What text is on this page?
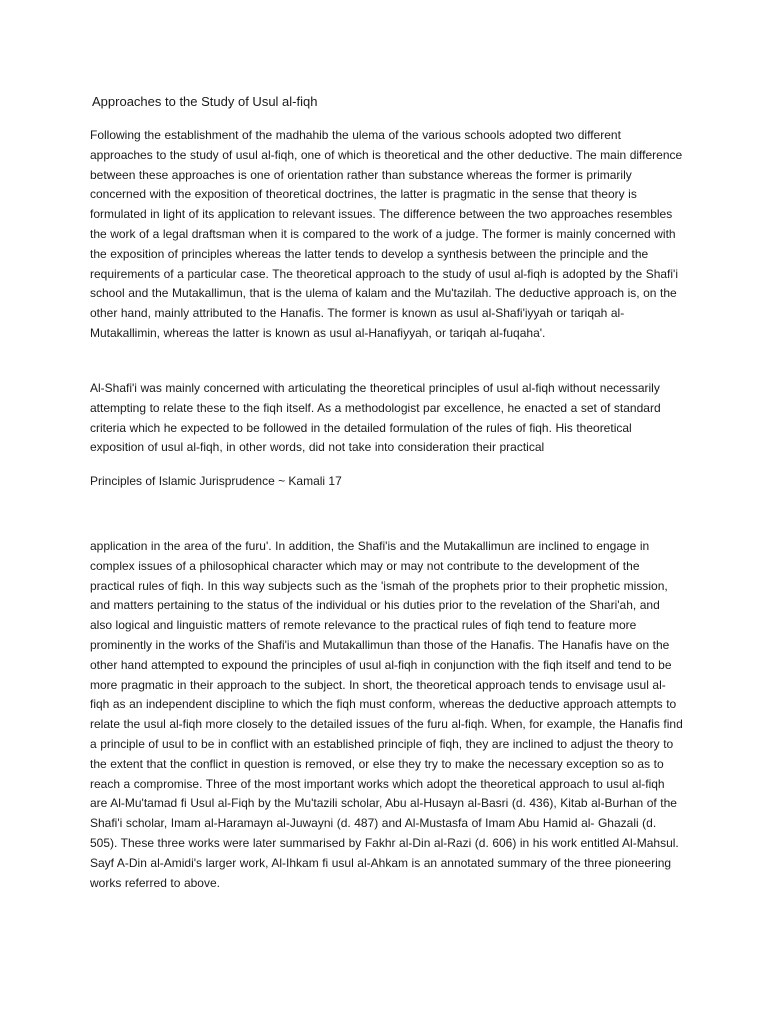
Approaches to the Study of Usul al-fiqh

Following the establishment of the madhahib the ulema of the various schools adopted two different approaches to the study of usul al-fiqh, one of which is theoretical and the other deductive. The main difference between these approaches is one of orientation rather than substance whereas the former is primarily concerned with the exposition of theoretical doctrines, the latter is pragmatic in the sense that theory is formulated in light of its application to relevant issues. The difference between the two approaches resembles the work of a legal draftsman when it is compared to the work of a judge. The former is mainly concerned with the exposition of principles whereas the latter tends to develop a synthesis between the principle and the requirements of a particular case. The theoretical approach to the study of usul al-fiqh is adopted by the Shafi'i school and the Mutakallimun, that is the ulema of kalam and the Mu'tazilah. The deductive approach is, on the other hand, mainly attributed to the Hanafis. The former is known as usul al-Shafi'iyyah or tariqah al-Mutakallimin, whereas the latter is known as usul al-Hanafiyyah, or tariqah al-fuqaha'.

Al-Shafi'i was mainly concerned with articulating the theoretical principles of usul al-fiqh without necessarily attempting to relate these to the fiqh itself. As a methodologist par excellence, he enacted a set of standard criteria which he expected to be followed in the detailed formulation of the rules of fiqh. His theoretical exposition of usul al-fiqh, in other words, did not take into consideration their practical

Principles of Islamic Jurisprudence ~ Kamali 17

application in the area of the furu'. In addition, the Shafi'is and the Mutakallimun are inclined to engage in complex issues of a philosophical character which may or may not contribute to the development of the practical rules of fiqh. In this way subjects such as the 'ismah of the prophets prior to their prophetic mission, and matters pertaining to the status of the individual or his duties prior to the revelation of the Shari'ah, and also logical and linguistic matters of remote relevance to the practical rules of fiqh tend to feature more prominently in the works of the Shafi'is and Mutakallimun than those of the Hanafis. The Hanafis have on the other hand attempted to expound the principles of usul al-fiqh in conjunction with the fiqh itself and tend to be more pragmatic in their approach to the subject. In short, the theoretical approach tends to envisage usul al-fiqh as an independent discipline to which the fiqh must conform, whereas the deductive approach attempts to relate the usul al-fiqh more closely to the detailed issues of the furu al-fiqh. When, for example, the Hanafis find a principle of usul to be in conflict with an established principle of fiqh, they are inclined to adjust the theory to the extent that the conflict in question is removed, or else they try to make the necessary exception so as to reach a compromise. Three of the most important works which adopt the theoretical approach to usul al-fiqh are Al-Mu'tamad fi Usul al-Fiqh by the Mu'tazili scholar, Abu al-Husayn al-Basri (d. 436), Kitab al-Burhan of the Shafi'i scholar, Imam al-Haramayn al-Juwayni (d. 487) and Al-Mustasfa of Imam Abu Hamid al- Ghazali (d. 505). These three works were later summarised by Fakhr al-Din al-Razi (d. 606) in his work entitled Al-Mahsul. Sayf A-Din al-Amidi's larger work, Al-Ihkam fi usul al-Ahkam is an annotated summary of the three pioneering works referred to above.
